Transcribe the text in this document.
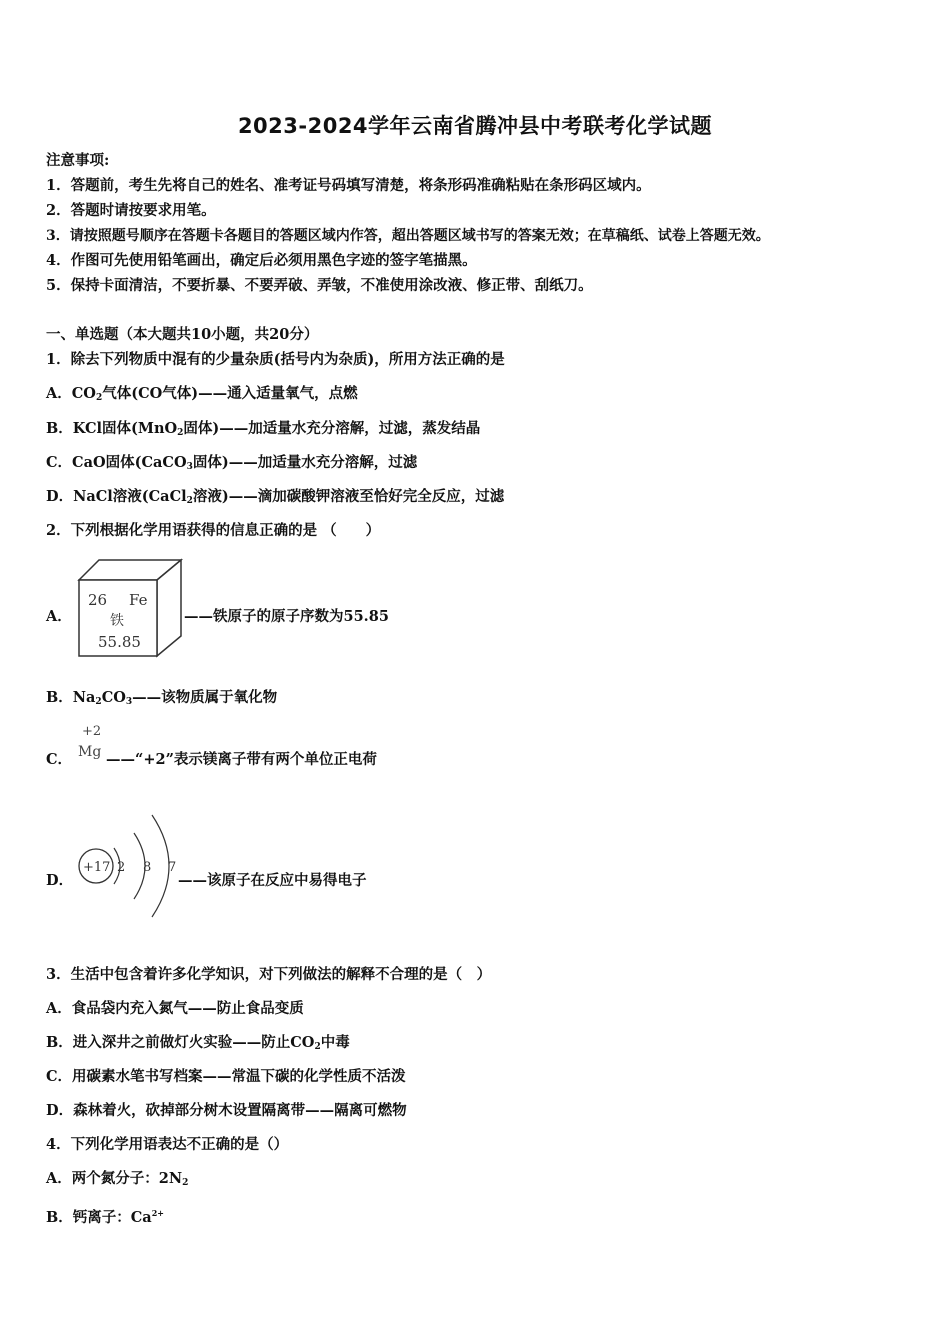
2023-2024学年云南省腾冲县中考联考化学试题
注意事项:
1．答题前，考生先将自己的姓名、准考证号码填写清楚，将条形码准确粘贴在条形码区域内。
2．答题时请按要求用笔。
3．请按照题号顺序在答题卡各题目的答题区域内作答，超出答题区域书写的答案无效；在草稿纸、试卷上答题无效。
4．作图可先使用铅笔画出，确定后必须用黑色字迹的签字笔描黑。
5．保持卡面清洁，不要折暴、不要弄破、弄皱，不准使用涂改液、修正带、刮纸刀。
一、单选题（本大题共10小题，共20分）
1．除去下列物质中混有的少量杂质(括号内为杂质)，所用方法正确的是
A．$CO_2$气体(CO气体)——通入适量氧气，点燃
B．KCl固体(MnO$_2$固体)——加适量水充分溶解，过滤，蒸发结晶
C．CaO固体(CaCO$_3$固体)——加适量水充分溶解，过滤
D．NaCl溶液(CaCl$_2$溶液)——滴加碳酸钾溶液至恰好完全反应，过滤
2．下列根据化学用语获得的信息正确的是 （　　）
A．
26 Fe
铁
55.85
——铁原子的原子序数为55.85
B．$Na_2CO_3——$该物质属于氧化物
C．
+2
Mg ——“+2”表示镁离子带有两个单位正电荷
D．
+17 2 8 7
——该原子在反应中易得电子
3．生活中包含着许多化学知识，对下列做法的解释不合理的是（　）
A．食品袋内充入氮气——防止食品变质
B．进入深井之前做灯火实验——防止$CO_2$中毒
C．用碳素水笔书写档案——常温下碳的化学性质不活泼
D．森林着火，砍掉部分树木设置隔离带——隔离可燃物
4．下列化学用语表达不正确的是（）
A．两个氮分子：$2N_2$
B．钙离子：$Ca^{2+}$
